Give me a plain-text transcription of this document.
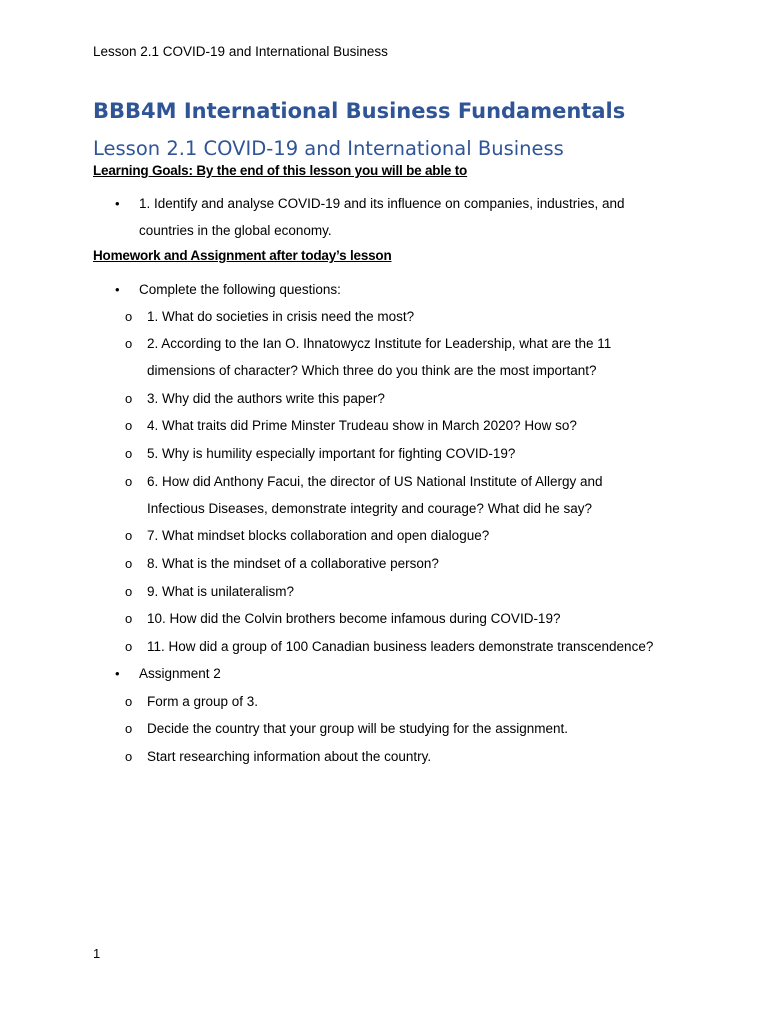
Lesson 2.1 COVID-19 and International Business
BBB4M International Business Fundamentals
Lesson 2.1 COVID-19 and International Business
Learning Goals: By the end of this lesson you will be able to
• 1. Identify and analyse COVID-19 and its influence on companies, industries, and
countries in the global economy.
Homework and Assignment after today’s lesson
• Complete the following questions:
o 1. What do societies in crisis need the most?
o 2. According to the Ian O. Ihnatowycz Institute for Leadership, what are the 11
dimensions of character? Which three do you think are the most important?
o 3. Why did the authors write this paper?
o 4. What traits did Prime Minster Trudeau show in March 2020? How so?
o 5. Why is humility especially important for fighting COVID-19?
o 6. How did Anthony Facui, the director of US National Institute of Allergy and
Infectious Diseases, demonstrate integrity and courage? What did he say?
o 7. What mindset blocks collaboration and open dialogue?
o 8. What is the mindset of a collaborative person?
o 9. What is unilateralism?
o 10. How did the Colvin brothers become infamous during COVID-19?
o 11. How did a group of 100 Canadian business leaders demonstrate transcendence?
• Assignment 2
o Form a group of 3.
o Decide the country that your group will be studying for the assignment.
o Start researching information about the country.
1
